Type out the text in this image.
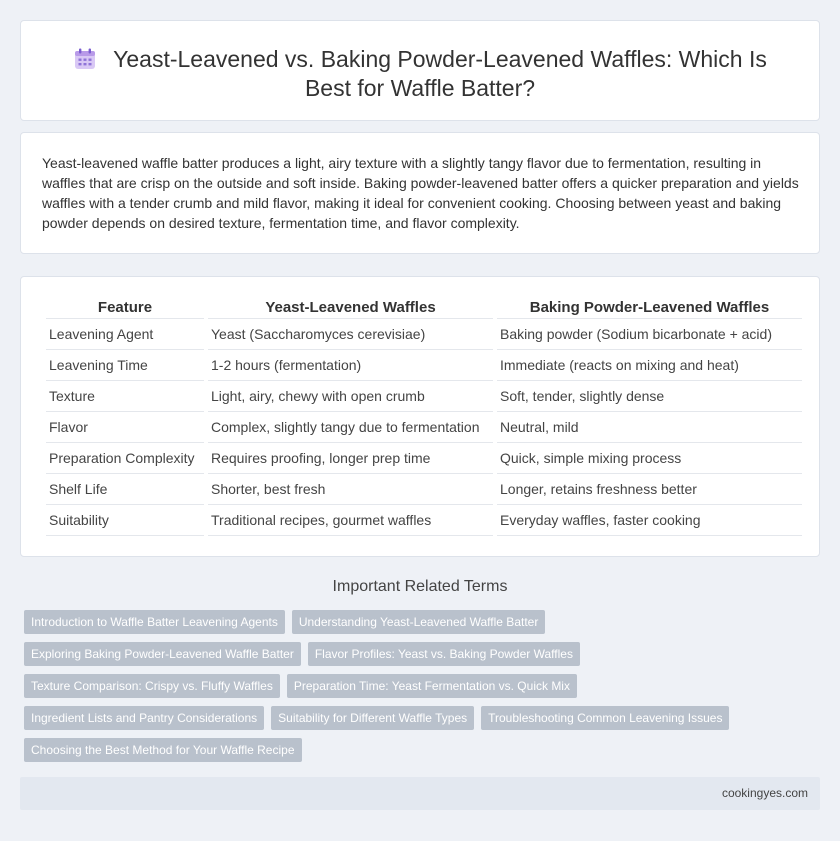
Yeast-Leavened vs. Baking Powder-Leavened Waffles: Which Is Best for Waffle Batter?

Yeast-leavened waffle batter produces a light, airy texture with a slightly tangy flavor due to fermentation, resulting in waffles that are crisp on the outside and soft inside. Baking powder-leavened batter offers a quicker preparation and yields waffles with a tender crumb and mild flavor, making it ideal for convenient cooking. Choosing between yeast and baking powder depends on desired texture, fermentation time, and flavor complexity.

Feature	Yeast-Leavened Waffles	Baking Powder-Leavened Waffles
Leavening Agent	Yeast (Saccharomyces cerevisiae)	Baking powder (Sodium bicarbonate + acid)
Leavening Time	1-2 hours (fermentation)	Immediate (reacts on mixing and heat)
Texture	Light, airy, chewy with open crumb	Soft, tender, slightly dense
Flavor	Complex, slightly tangy due to fermentation	Neutral, mild
Preparation Complexity	Requires proofing, longer prep time	Quick, simple mixing process
Shelf Life	Shorter, best fresh	Longer, retains freshness better
Suitability	Traditional recipes, gourmet waffles	Everyday waffles, faster cooking
Important Related Terms
Introduction to Waffle Batter Leavening Agents	Understanding Yeast-Leavened Waffle Batter
Exploring Baking Powder-Leavened Waffle Batter	Flavor Profiles: Yeast vs. Baking Powder Waffles
Texture Comparison: Crispy vs. Fluffy Waffles	Preparation Time: Yeast Fermentation vs. Quick Mix
Ingredient Lists and Pantry Considerations	Suitability for Different Waffle Types	Troubleshooting Common Leavening Issues
Choosing the Best Method for Your Waffle Recipe
cookingyes.com
